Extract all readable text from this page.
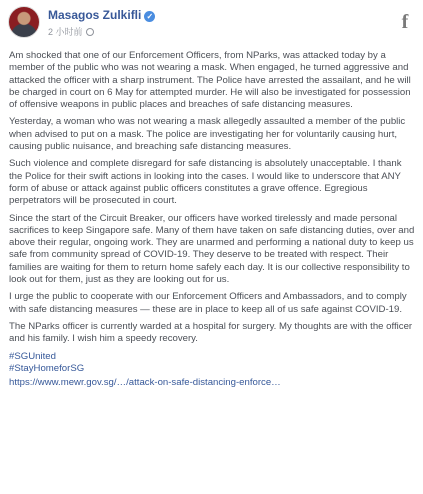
Masagos Zulkifli ✓
2 小时前	f

Am shocked that one of our Enforcement Officers, from NParks, was attacked today by a member of the public who was not wearing a mask. When engaged, he turned aggressive and attacked the officer with a sharp instrument. The Police have arrested the assailant, and he will be charged in court on 6 May for attempted murder. He will also be investigated for possession of offensive weapons in public places and breaches of safe distancing measures.

Yesterday, a woman who was not wearing a mask allegedly assaulted a member of the public when advised to put on a mask. The police are investigating her for voluntarily causing hurt, causing public nuisance, and breaching safe distancing measures.

Such violence and complete disregard for safe distancing is absolutely unacceptable. I thank the Police for their swift actions in looking into the cases. I would like to underscore that ANY form of abuse or attack against public officers constitutes a grave offence. Egregious perpetrators will be prosecuted in court.

Since the start of the Circuit Breaker, our officers have worked tirelessly and made personal sacrifices to keep Singapore safe. Many of them have taken on safe distancing duties, over and above their regular, ongoing work. They are unarmed and performing a national duty to keep us safe from community spread of COVID-19. They deserve to be treated with respect. Their families are waiting for them to return home safely each day. It is our collective responsibility to look out for them, just as they are looking out for us.

I urge the public to cooperate with our Enforcement Officers and Ambassadors, and to comply with safe distancing measures — these are in place to keep all of us safe against COVID-19.

The NParks officer is currently warded at a hospital for surgery. My thoughts are with the officer and his family. I wish him a speedy recovery.

#SGUnited
#StayHomeforSG
https://www.mewr.gov.sg/…/attack-on-safe-distancing-enforce…
